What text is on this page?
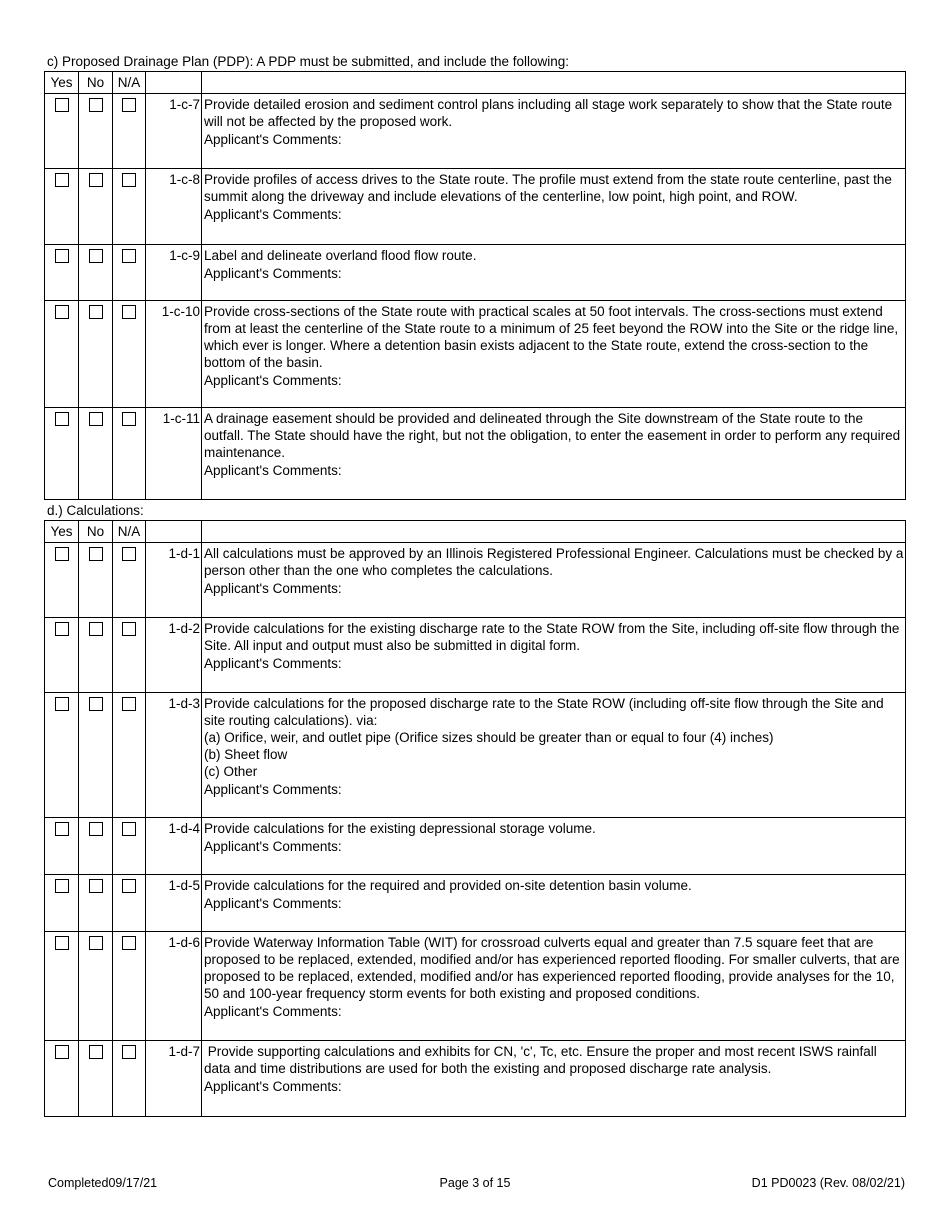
c) Proposed Drainage Plan (PDP): A PDP must be submitted, and include the following:
Yes	No	N/A		
			1-c-7	Provide detailed erosion and sediment control plans including all stage work separately to show that the State route will not be affected by the proposed work.
Applicant's Comments:

			1-c-8	Provide profiles of access drives to the State route. The profile must extend from the state route centerline, past the summit along the driveway and include elevations of the centerline, low point, high point, and ROW.
Applicant's Comments:

			1-c-9	Label and delineate overland flood flow route.
Applicant's Comments:

			1-c-10	Provide cross-sections of the State route with practical scales at 50 foot intervals. The cross-sections must extend from at least the centerline of the State route to a minimum of 25 feet beyond the ROW into the Site or the ridge line, which ever is longer. Where a detention basin exists adjacent to the State route, extend the cross-section to the bottom of the basin.
Applicant's Comments:

			1-c-11	A drainage easement should be provided and delineated through the Site downstream of the State route to the outfall. The State should have the right, but not the obligation, to enter the easement in order to perform any required maintenance.
Applicant's Comments:
d.) Calculations:
Yes	No	N/A		
			1-d-1	All calculations must be approved by an Illinois Registered Professional Engineer. Calculations must be checked by a person other than the one who completes the calculations.
Applicant's Comments:

			1-d-2	Provide calculations for the existing discharge rate to the State ROW from the Site, including off-site flow through the Site. All input and output must also be submitted in digital form.
Applicant's Comments:

			1-d-3	Provide calculations for the proposed discharge rate to the State ROW (including off-site flow through the Site and site routing calculations). via:
(a) Orifice, weir, and outlet pipe (Orifice sizes should be greater than or equal to four (4) inches)
(b) Sheet flow
(c) Other
Applicant's Comments:

			1-d-4	Provide calculations for the existing depressional storage volume.
Applicant's Comments:

			1-d-5	Provide calculations for the required and provided on-site detention basin volume.
Applicant's Comments:

			1-d-6	Provide Waterway Information Table (WIT) for crossroad culverts equal and greater than 7.5 square feet that are proposed to be replaced, extended, modified and/or has experienced reported flooding. For smaller culverts, that are proposed to be replaced, extended, modified and/or has experienced reported flooding, provide analyses for the 10, 50 and 100-year frequency storm events for both existing and proposed conditions.
Applicant's Comments:

			1-d-7	Provide supporting calculations and exhibits for CN, 'c', Tc, etc. Ensure the proper and most recent ISWS rainfall data and time distributions are used for both the existing and proposed discharge rate analysis.
Applicant's Comments:
Completed09/17/21	Page 3 of 15	D1 PD0023 (Rev. 08/02/21)
